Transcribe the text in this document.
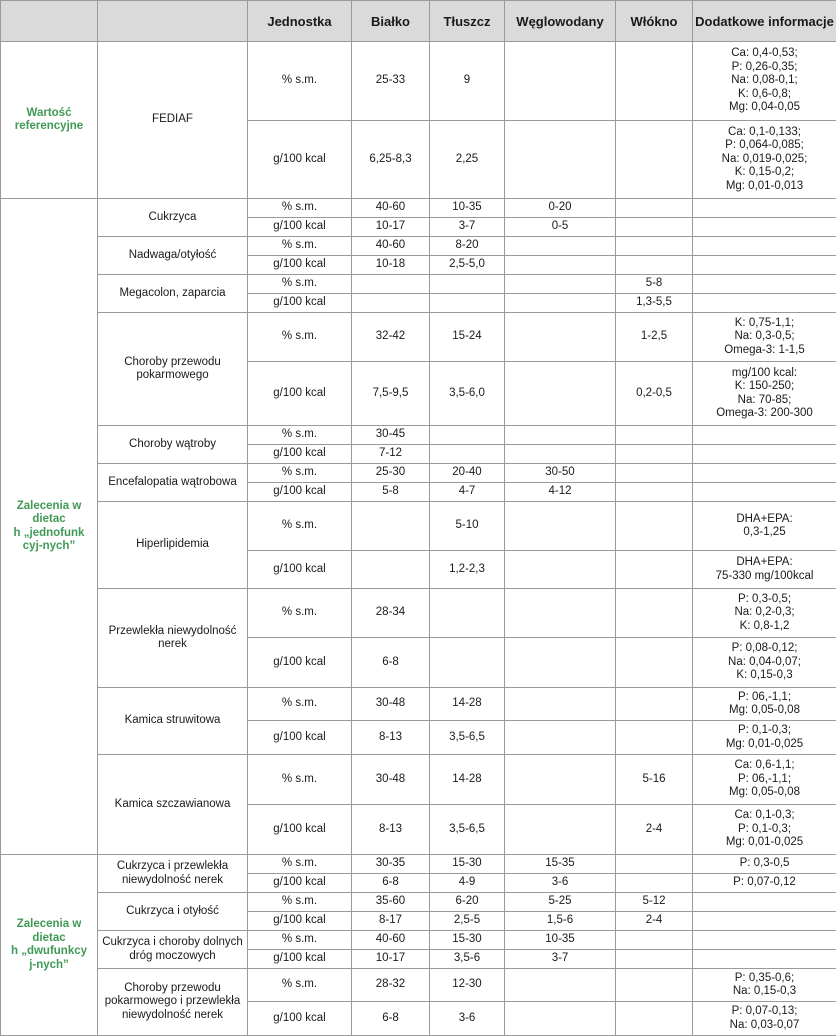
		Jednostka	Białko	Tłuszcz	Węglowodany	Włókno	Dodatkowe informacje

Wartość
referencyjne	FEDIAF	% s.m.	25-33	9			Ca: 0,4-0,53;
P: 0,26-0,35;
Na: 0,08-0,1;
K: 0,6-0,8;
Mg: 0,04-0,05

		g/100 kcal	6,25-8,3	2,25			Ca: 0,1-0,133;
P: 0,064-0,085;
Na: 0,019-0,025;
K: 0,15-0,2;
Mg: 0,01-0,013

Zalecenia w
dietac
h „jednofunk
cyj-nych”	Cukrzyca	% s.m.	40-60	10-35	0-20		
		g/100 kcal	10-17	3-7	0-5		
	Nadwaga/otyłość	% s.m.	40-60	8-20			
		g/100 kcal	10-18	2,5-5,0			
	Megacolon, zaparcia	% s.m.				5-8	
		g/100 kcal				1,3-5,5	
	Choroby przewodu pokarmowego	% s.m.	32-42	15-24		1-2,5	K: 0,75-1,1;
Na: 0,3-0,5;
Omega-3: 1-1,5

		g/100 kcal	7,5-9,5	3,5-6,0		0,2-0,5	mg/100 kcal:
K: 150-250;
Na: 70-85;
Omega-3: 200-300

	Choroby wątroby	% s.m.	30-45				
		g/100 kcal	7-12				
	Encefalopatia wątrobowa	% s.m.	25-30	20-40	30-50		
		g/100 kcal	5-8	4-7	4-12		
	Hiperlipidemia	% s.m.		5-10			DHA+EPA:
0,3-1,25

		g/100 kcal		1,2-2,3			DHA+EPA:
75-330 mg/100kcal

	Przewlekła niewydolność nerek	% s.m.	28-34				P: 0,3-0,5;
Na: 0,2-0,3;
K: 0,8-1,2

		g/100 kcal	6-8				P: 0,08-0,12;
Na: 0,04-0,07;
K: 0,15-0,3

	Kamica struwitowa	% s.m.	30-48	14-28			P: 06,-1,1;
Mg: 0,05-0,08

		g/100 kcal	8-13	3,5-6,5			P: 0,1-0,3;
Mg: 0,01-0,025

	Kamica szczawianowa	% s.m.	30-48	14-28		5-16	Ca: 0,6-1,1;
P: 06,-1,1;
Mg: 0,05-0,08

		g/100 kcal	8-13	3,5-6,5		2-4	Ca: 0,1-0,3;
P: 0,1-0,3;
Mg: 0,01-0,025

Zalecenia w
dietac
h „dwufunkcy
j-nych”	Cukrzyca i przewlekła niewydolność nerek	% s.m.	30-35	15-30	15-35		P: 0,3-0,5

		g/100 kcal	6-8	4-9	3-6		P: 0,07-0,12

	Cukrzyca i otyłość	% s.m.	35-60	6-20	5-25	5-12	
		g/100 kcal	8-17	2,5-5	1,5-6	2-4	
	Cukrzyca i choroby dolnych dróg moczowych	% s.m.	40-60	15-30	10-35		
		g/100 kcal	10-17	3,5-6	3-7		
	Choroby przewodu pokarmowego i przewlekła niewydolność nerek	% s.m.	28-32	12-30			P: 0,35-0,6;
Na: 0,15-0,3

		g/100 kcal	6-8	3-6			P: 0,07-0,13;
Na: 0,03-0,07
